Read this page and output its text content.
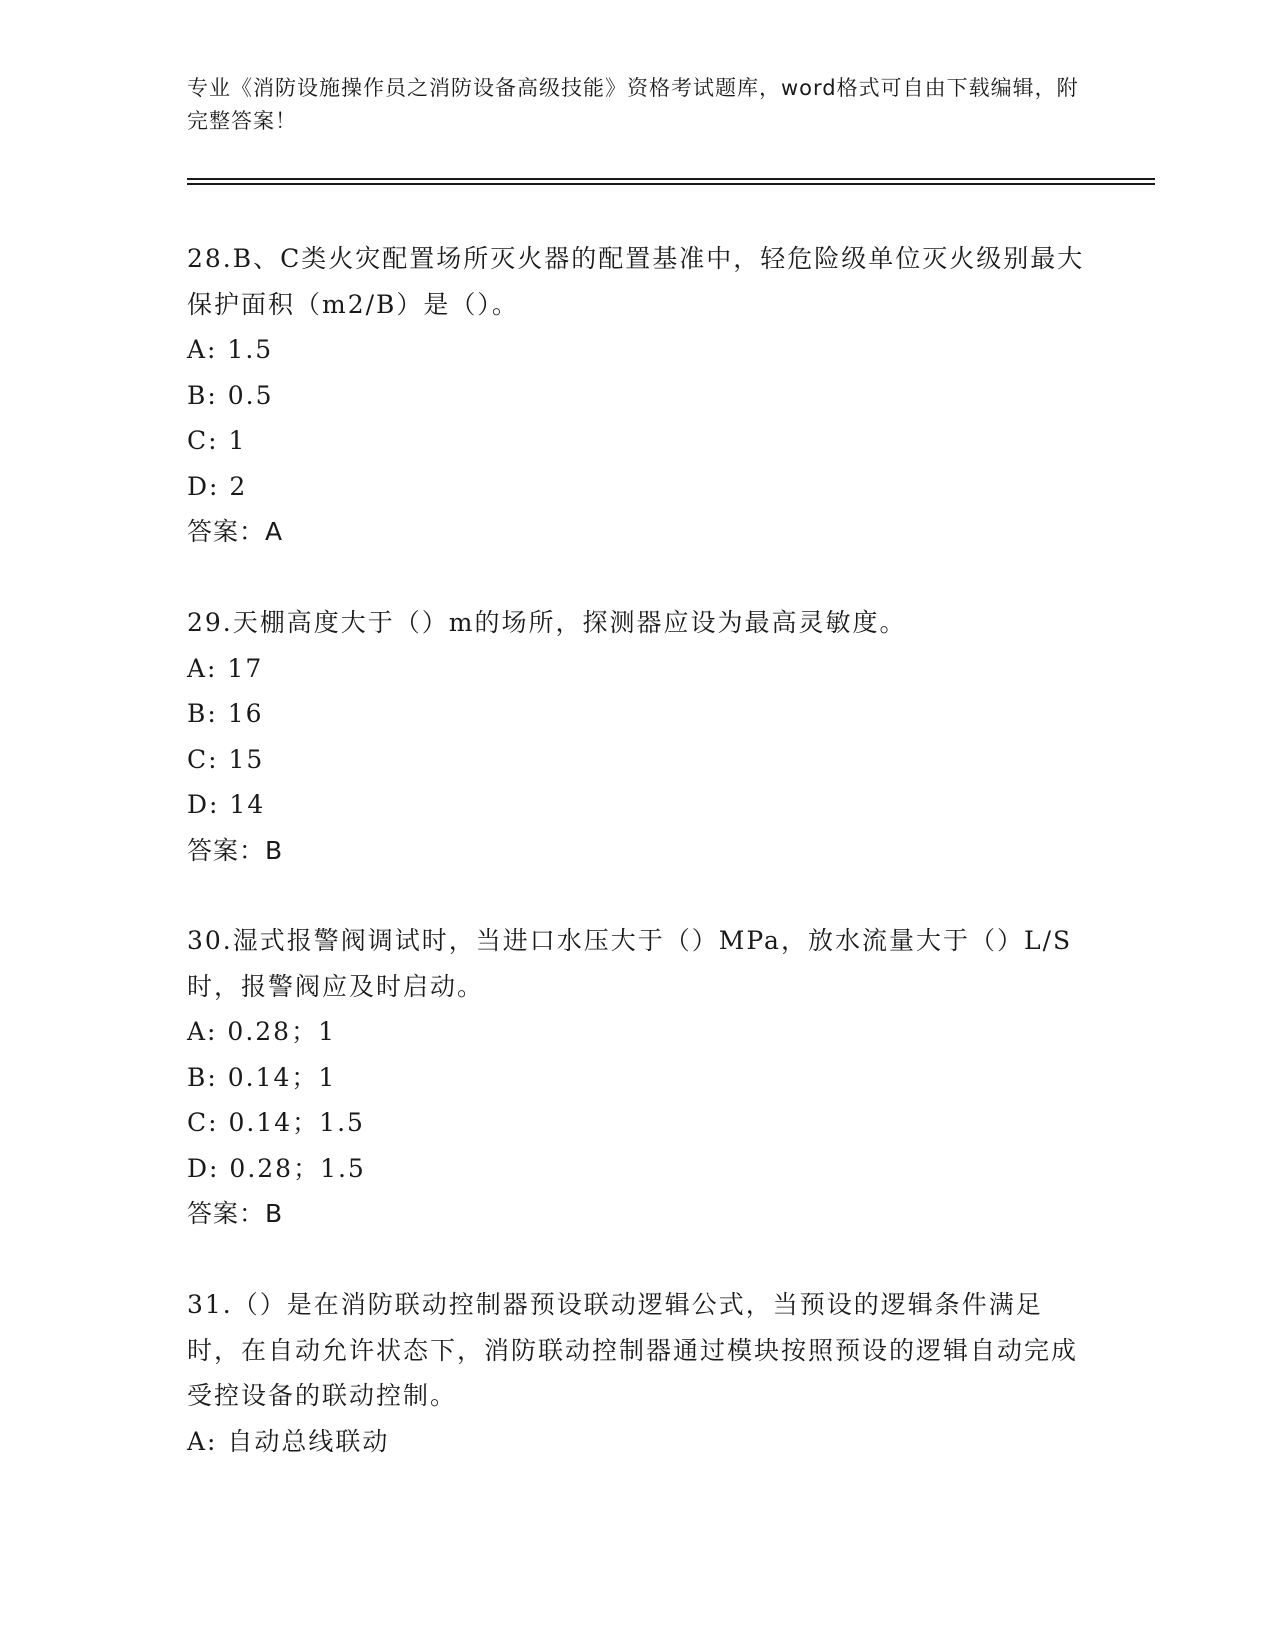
专业《消防设施操作员之消防设备高级技能》资格考试题库，word格式可自由下载编辑，附完整答案！

28.B、C类火灾配置场所灭火器的配置基准中，轻危险级单位灭火级别最大保护面积（m2/B）是（）。

A: 1.5

B: 0.5

C: 1

D: 2

答案：A

29.天棚高度大于（）m的场所，探测器应设为最高灵敏度。

A: 17

B: 16

C: 15

D: 14

答案：B

30.湿式报警阀调试时，当进口水压大于（）MPa，放水流量大于（）L/S时，报警阀应及时启动。

A: 0.28；1

B: 0.14；1

C: 0.14；1.5

D: 0.28；1.5

答案：B

31.（）是在消防联动控制器预设联动逻辑公式，当预设的逻辑条件满足时，在自动允许状态下，消防联动控制器通过模块按照预设的逻辑自动完成受控设备的联动控制。

A: 自动总线联动
